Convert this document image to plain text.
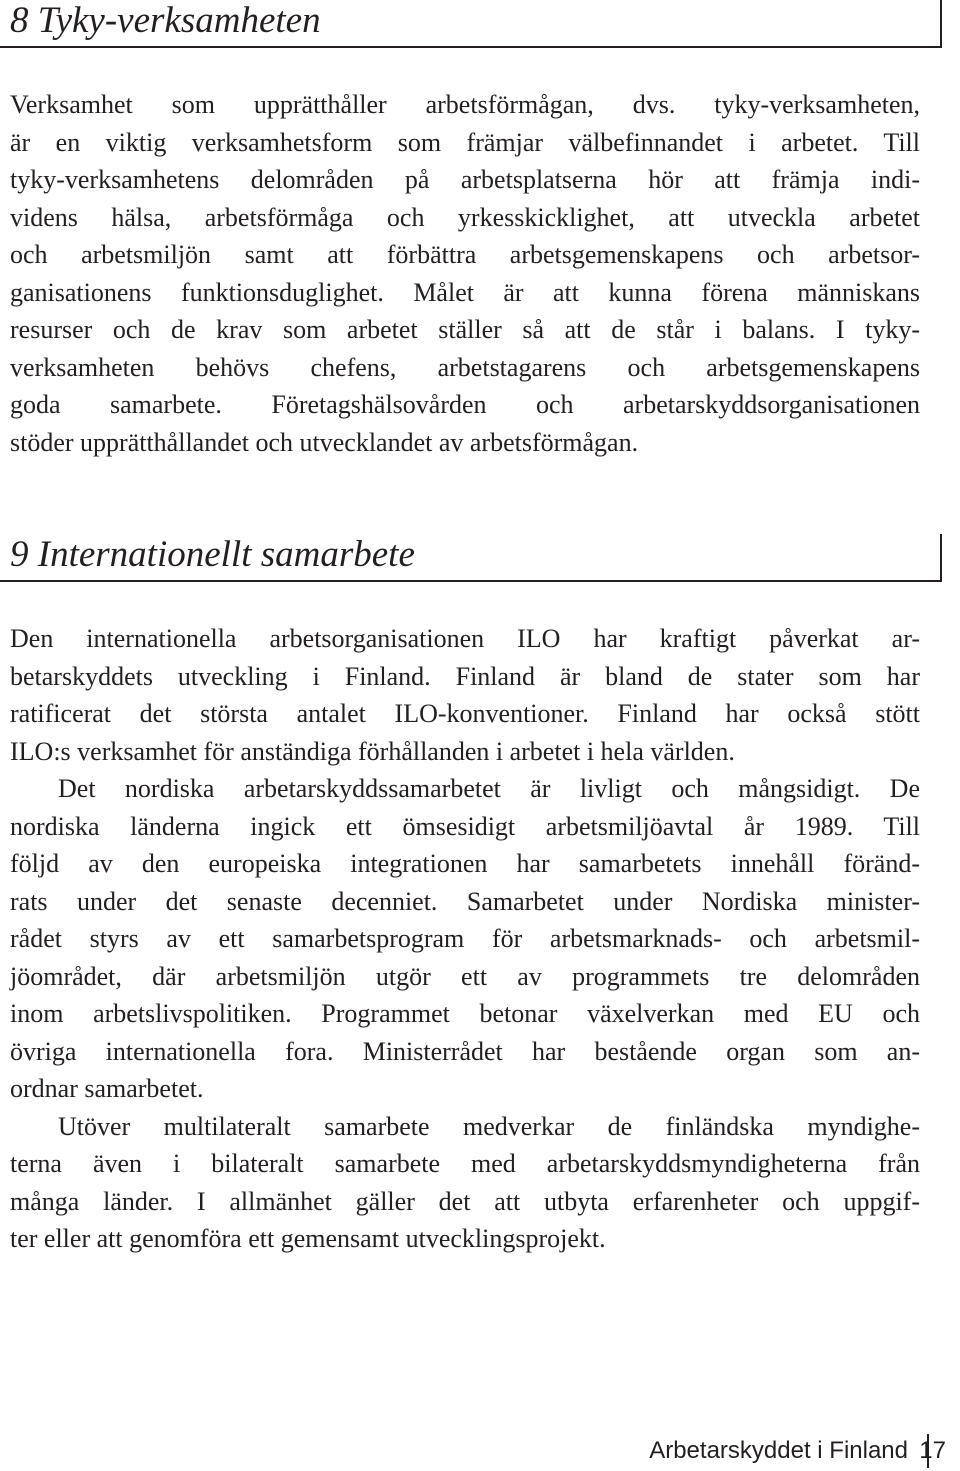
8 Tyky-verksamheten
Verksamhet som upprätthåller arbetsförmågan, dvs. tyky-verksamheten,
är en viktig verksamhetsform som främjar välbefinnandet i arbetet. Till
tyky-verksamhetens delområden på arbetsplatserna hör att främja indi-
videns hälsa, arbetsförmåga och yrkesskicklighet, att utveckla arbetet
och arbetsmiljön samt att förbättra arbetsgemenskapens och arbetsor-
ganisationens funktionsduglighet. Målet är att kunna förena människans
resurser och de krav som arbetet ställer så att de står i balans. I tyky-
verksamheten behövs chefens, arbetstagarens och arbetsgemenskapens
goda samarbete. Företagshälsovården och arbetarskyddsorganisationen
stöder upprätthållandet och utvecklandet av arbetsförmågan.
9 Internationellt samarbete
Den internationella arbetsorganisationen ILO har kraftigt påverkat ar-
betarskyddets utveckling i Finland. Finland är bland de stater som har
ratificerat det största antalet ILO-konventioner. Finland har också stött
ILO:s verksamhet för anständiga förhållanden i arbetet i hela världen.
Det nordiska arbetarskyddssamarbetet är livligt och mångsidigt. De
nordiska länderna ingick ett ömsesidigt arbetsmiljöavtal år 1989. Till
följd av den europeiska integrationen har samarbetets innehåll föränd-
rats under det senaste decenniet. Samarbetet under Nordiska minister-
rådet styrs av ett samarbetsprogram för arbetsmarknads- och arbetsmil-
jöområdet, där arbetsmiljön utgör ett av programmets tre delområden
inom arbetslivspolitiken. Programmet betonar växelverkan med EU och
övriga internationella fora. Ministerrådet har bestående organ som an-
ordnar samarbetet.
Utöver multilateralt samarbete medverkar de finländska myndighe-
terna även i bilateralt samarbete med arbetarskyddsmyndigheterna från
många länder. I allmänhet gäller det att utbyta erfarenheter och uppgif-
ter eller att genomföra ett gemensamt utvecklingsprojekt.
Arbetarskyddet i Finland 17
